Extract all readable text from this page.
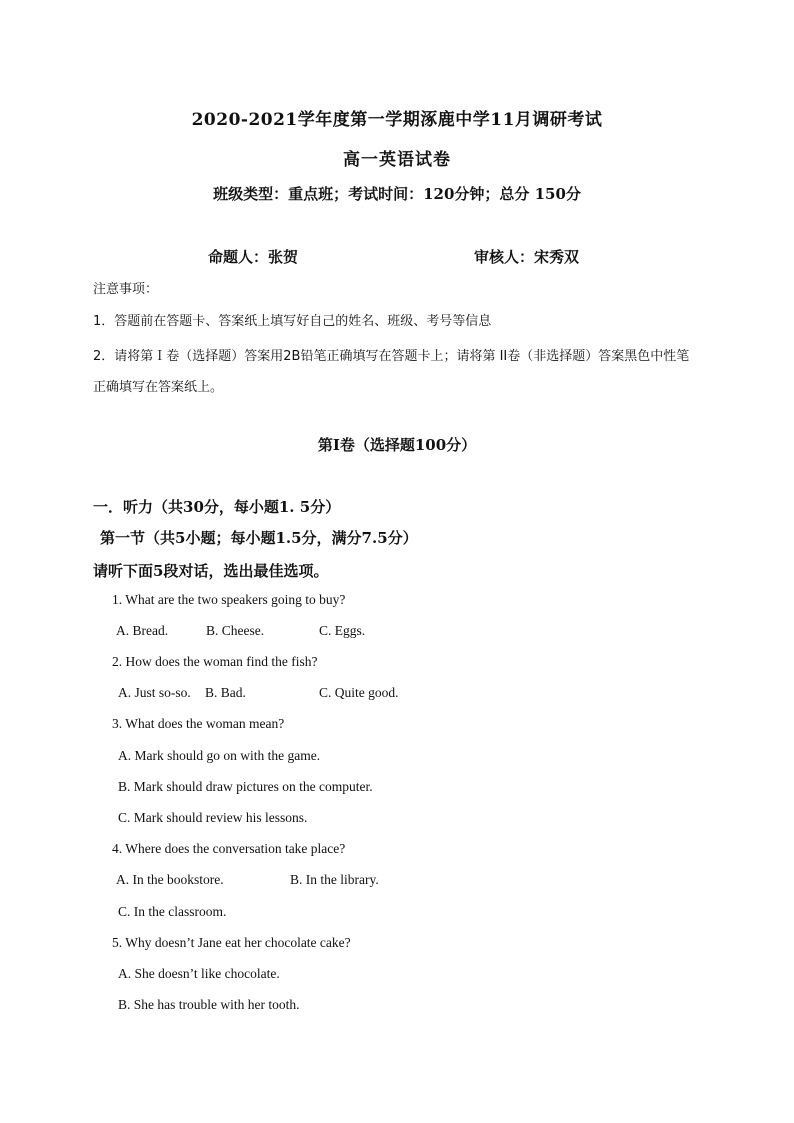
2020-2021学年度第一学期涿鹿中学11月调研考试
高一英语试卷
班级类型：重点班；考试时间：120分钟；总分 150分
命题人：张贺	审核人：宋秀双
注意事项：
1．答题前在答题卡、答案纸上填写好自己的姓名、班级、考号等信息

2．请将第Ｉ卷（选择题）答案用2B铅笔正确填写在答题卡上；请将第 II卷（非选择题）答案黑色中性笔正确填写在答案纸上。

第Ⅰ卷（选择题100分）
一．听力（共30分，每小题1. 5分）
第一节（共5小题；每小题1.5分，满分7.5分）
请听下面5段对话，选出最佳选项。
1. What are the two speakers going to buy?
A. Bread.	B. Cheese.	C. Eggs.
2. How does the woman find the fish?
A. Just so-so. B. Bad.	C. Quite good.
3. What does the woman mean?
A. Mark should go on with the game.
B. Mark should draw pictures on the computer.
C. Mark should review his lessons.
4. Where does the conversation take place?
A. In the bookstore.	B. In the library.
C. In the classroom.
5. Why doesn’t Jane eat her chocolate cake?
A. She doesn’t like chocolate.
B. She has trouble with her tooth.
